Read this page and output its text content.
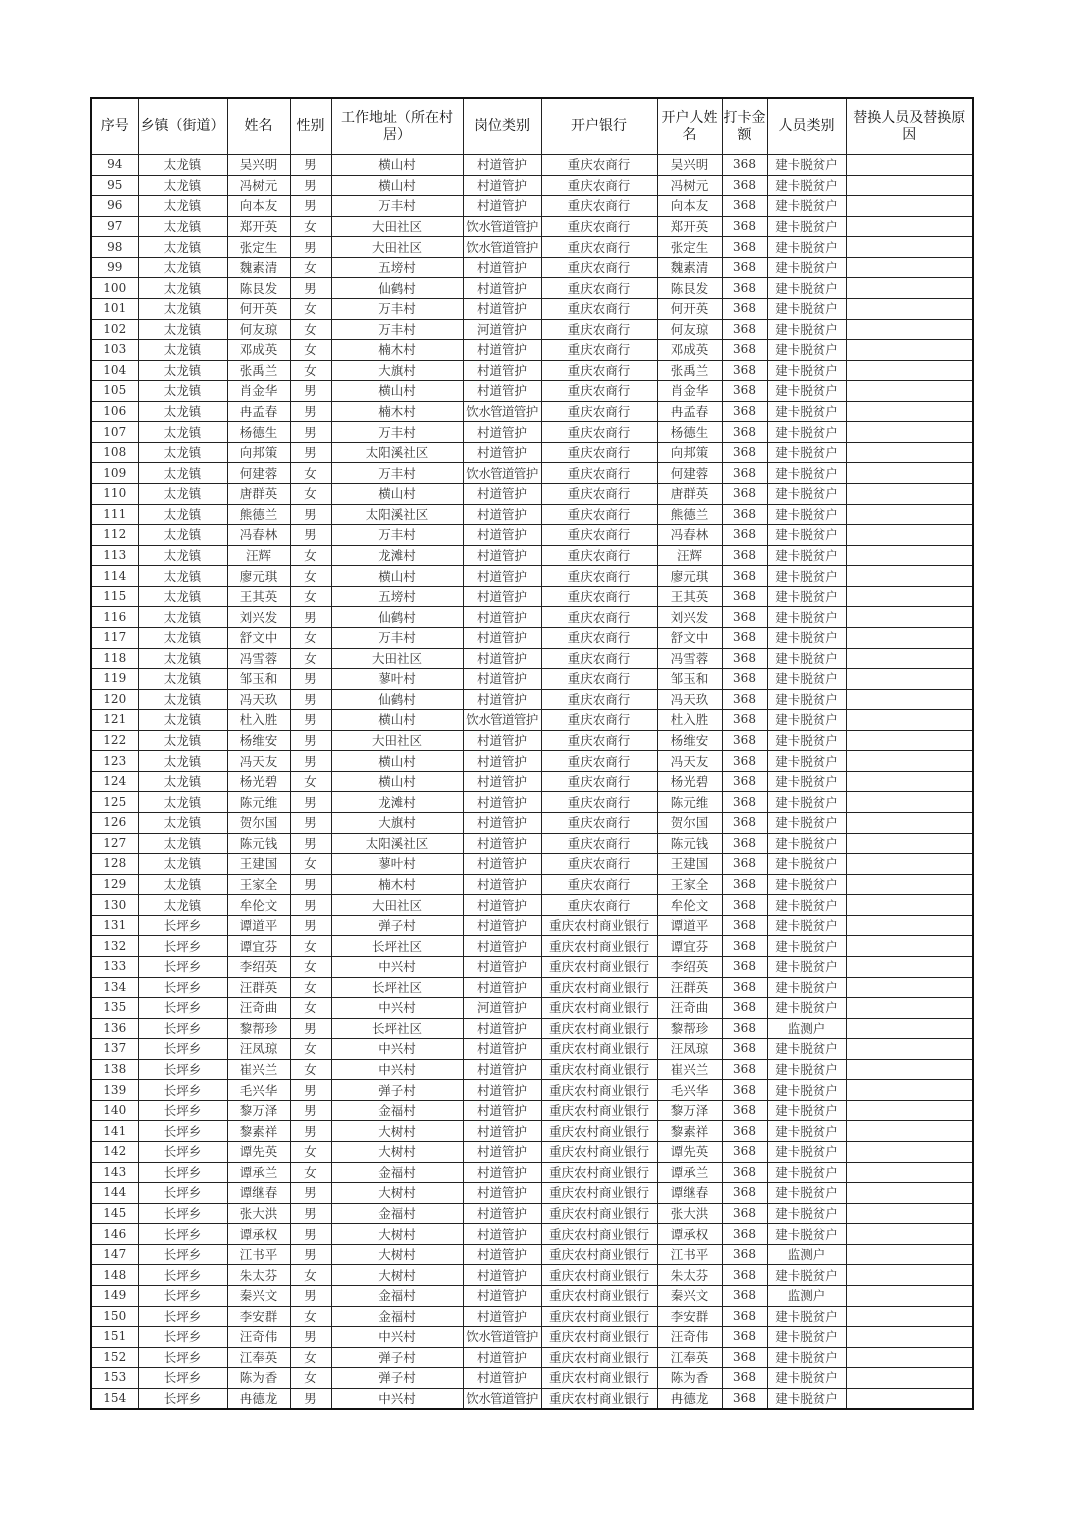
序号	乡镇（街道）	姓名	性别	工作地址（所在村居）	岗位类别	开户银行	开户人姓名	打卡金额	人员类别	替换人员及替换原因
94	太龙镇	吴兴明	男	横山村	村道管护	重庆农商行	吴兴明	368	建卡脱贫户	
95	太龙镇	冯树元	男	横山村	村道管护	重庆农商行	冯树元	368	建卡脱贫户	
96	太龙镇	向本友	男	万丰村	村道管护	重庆农商行	向本友	368	建卡脱贫户	
97	太龙镇	郑开英	女	大田社区	饮水管道管护	重庆农商行	郑开英	368	建卡脱贫户	
98	太龙镇	张定生	男	大田社区	饮水管道管护	重庆农商行	张定生	368	建卡脱贫户	
99	太龙镇	魏素清	女	五塝村	村道管护	重庆农商行	魏素清	368	建卡脱贫户	
100	太龙镇	陈艮发	男	仙鹤村	村道管护	重庆农商行	陈艮发	368	建卡脱贫户	
101	太龙镇	何开英	女	万丰村	村道管护	重庆农商行	何开英	368	建卡脱贫户	
102	太龙镇	何友琼	女	万丰村	河道管护	重庆农商行	何友琼	368	建卡脱贫户	
103	太龙镇	邓成英	女	楠木村	村道管护	重庆农商行	邓成英	368	建卡脱贫户	
104	太龙镇	张禹兰	女	大旗村	村道管护	重庆农商行	张禹兰	368	建卡脱贫户	
105	太龙镇	肖金华	男	横山村	村道管护	重庆农商行	肖金华	368	建卡脱贫户	
106	太龙镇	冉孟春	男	楠木村	饮水管道管护	重庆农商行	冉孟春	368	建卡脱贫户	
107	太龙镇	杨德生	男	万丰村	村道管护	重庆农商行	杨德生	368	建卡脱贫户	
108	太龙镇	向邦策	男	太阳溪社区	村道管护	重庆农商行	向邦策	368	建卡脱贫户	
109	太龙镇	何建蓉	女	万丰村	饮水管道管护	重庆农商行	何建蓉	368	建卡脱贫户	
110	太龙镇	唐群英	女	横山村	村道管护	重庆农商行	唐群英	368	建卡脱贫户	
111	太龙镇	熊德兰	男	太阳溪社区	村道管护	重庆农商行	熊德兰	368	建卡脱贫户	
112	太龙镇	冯春林	男	万丰村	村道管护	重庆农商行	冯春林	368	建卡脱贫户	
113	太龙镇	汪辉	女	龙滩村	村道管护	重庆农商行	汪辉	368	建卡脱贫户	
114	太龙镇	廖元琪	女	横山村	村道管护	重庆农商行	廖元琪	368	建卡脱贫户	
115	太龙镇	王其英	女	五塝村	村道管护	重庆农商行	王其英	368	建卡脱贫户	
116	太龙镇	刘兴发	男	仙鹤村	村道管护	重庆农商行	刘兴发	368	建卡脱贫户	
117	太龙镇	舒文中	女	万丰村	村道管护	重庆农商行	舒文中	368	建卡脱贫户	
118	太龙镇	冯雪蓉	女	大田社区	村道管护	重庆农商行	冯雪蓉	368	建卡脱贫户	
119	太龙镇	邹玉和	男	蓼叶村	村道管护	重庆农商行	邹玉和	368	建卡脱贫户	
120	太龙镇	冯天玖	男	仙鹤村	村道管护	重庆农商行	冯天玖	368	建卡脱贫户	
121	太龙镇	杜入胜	男	横山村	饮水管道管护	重庆农商行	杜入胜	368	建卡脱贫户	
122	太龙镇	杨维安	男	大田社区	村道管护	重庆农商行	杨维安	368	建卡脱贫户	
123	太龙镇	冯天友	男	横山村	村道管护	重庆农商行	冯天友	368	建卡脱贫户	
124	太龙镇	杨光碧	女	横山村	村道管护	重庆农商行	杨光碧	368	建卡脱贫户	
125	太龙镇	陈元维	男	龙滩村	村道管护	重庆农商行	陈元维	368	建卡脱贫户	
126	太龙镇	贺尔国	男	大旗村	村道管护	重庆农商行	贺尔国	368	建卡脱贫户	
127	太龙镇	陈元钱	男	太阳溪社区	村道管护	重庆农商行	陈元钱	368	建卡脱贫户	
128	太龙镇	王建国	女	蓼叶村	村道管护	重庆农商行	王建国	368	建卡脱贫户	
129	太龙镇	王家全	男	楠木村	村道管护	重庆农商行	王家全	368	建卡脱贫户	
130	太龙镇	牟伦文	男	大田社区	村道管护	重庆农商行	牟伦文	368	建卡脱贫户	
131	长坪乡	谭道平	男	弹子村	村道管护	重庆农村商业银行	谭道平	368	建卡脱贫户	
132	长坪乡	谭宜芬	女	长坪社区	村道管护	重庆农村商业银行	谭宜芬	368	建卡脱贫户	
133	长坪乡	李绍英	女	中兴村	村道管护	重庆农村商业银行	李绍英	368	建卡脱贫户	
134	长坪乡	汪群英	女	长坪社区	村道管护	重庆农村商业银行	汪群英	368	建卡脱贫户	
135	长坪乡	汪奇曲	女	中兴村	河道管护	重庆农村商业银行	汪奇曲	368	建卡脱贫户	
136	长坪乡	黎帮珍	男	长坪社区	村道管护	重庆农村商业银行	黎帮珍	368	监测户	
137	长坪乡	汪凤琼	女	中兴村	村道管护	重庆农村商业银行	汪凤琼	368	建卡脱贫户	
138	长坪乡	崔兴兰	女	中兴村	村道管护	重庆农村商业银行	崔兴兰	368	建卡脱贫户	
139	长坪乡	毛兴华	男	弹子村	村道管护	重庆农村商业银行	毛兴华	368	建卡脱贫户	
140	长坪乡	黎万泽	男	金福村	村道管护	重庆农村商业银行	黎万泽	368	建卡脱贫户	
141	长坪乡	黎素祥	男	大树村	村道管护	重庆农村商业银行	黎素祥	368	建卡脱贫户	
142	长坪乡	谭先英	女	大树村	村道管护	重庆农村商业银行	谭先英	368	建卡脱贫户	
143	长坪乡	谭承兰	女	金福村	村道管护	重庆农村商业银行	谭承兰	368	建卡脱贫户	
144	长坪乡	谭继春	男	大树村	村道管护	重庆农村商业银行	谭继春	368	建卡脱贫户	
145	长坪乡	张大洪	男	金福村	村道管护	重庆农村商业银行	张大洪	368	建卡脱贫户	
146	长坪乡	谭承权	男	大树村	村道管护	重庆农村商业银行	谭承权	368	建卡脱贫户	
147	长坪乡	江书平	男	大树村	村道管护	重庆农村商业银行	江书平	368	监测户	
148	长坪乡	朱太芬	女	大树村	村道管护	重庆农村商业银行	朱太芬	368	建卡脱贫户	
149	长坪乡	秦兴文	男	金福村	村道管护	重庆农村商业银行	秦兴文	368	监测户	
150	长坪乡	李安群	女	金福村	村道管护	重庆农村商业银行	李安群	368	建卡脱贫户	
151	长坪乡	汪奇伟	男	中兴村	饮水管道管护	重庆农村商业银行	汪奇伟	368	建卡脱贫户	
152	长坪乡	江奉英	女	弹子村	村道管护	重庆农村商业银行	江奉英	368	建卡脱贫户	
153	长坪乡	陈为香	女	弹子村	村道管护	重庆农村商业银行	陈为香	368	建卡脱贫户	
154	长坪乡	冉德龙	男	中兴村	饮水管道管护	重庆农村商业银行	冉德龙	368	建卡脱贫户	
